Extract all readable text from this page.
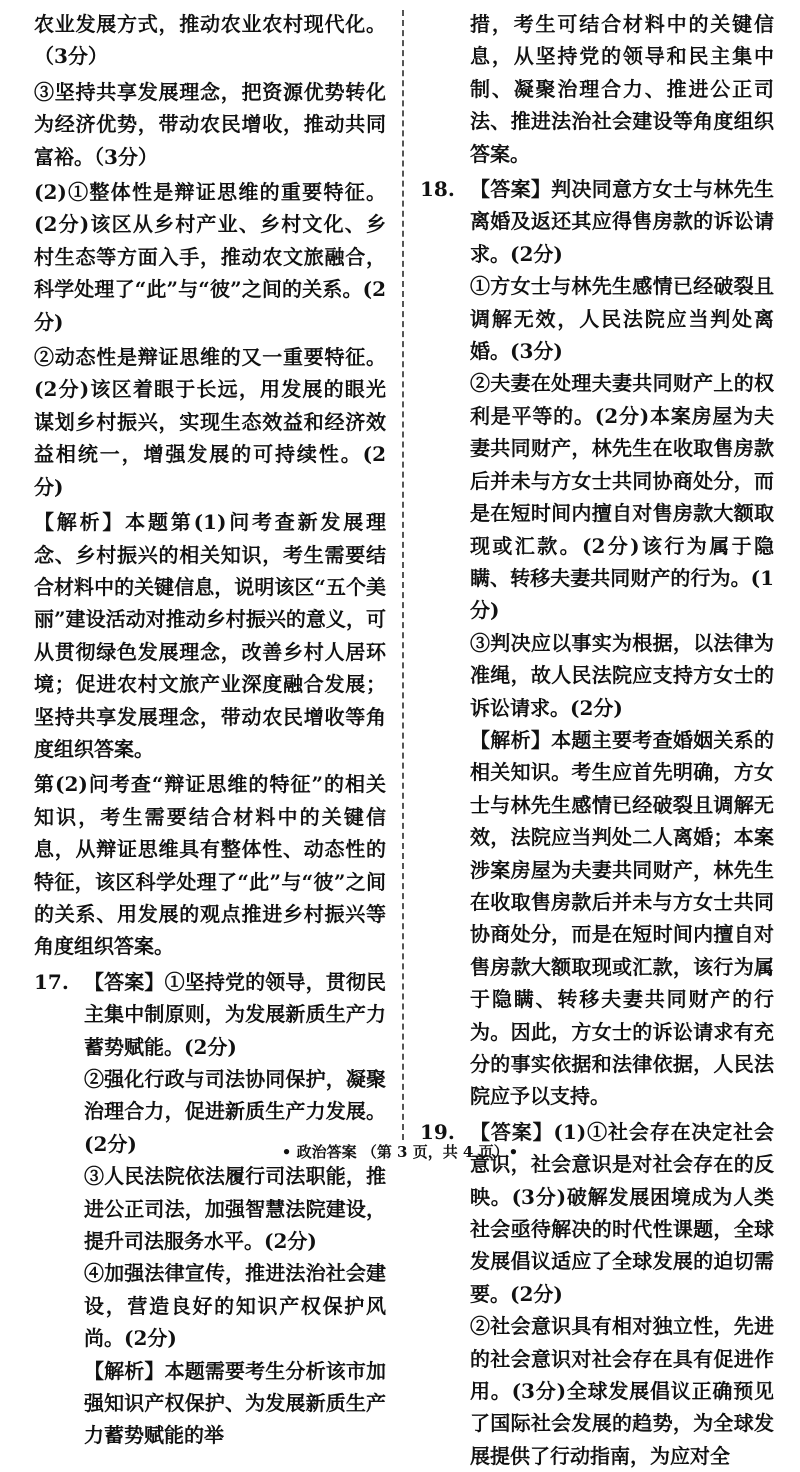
农业发展方式，推动农业农村现代化。（3分）

③坚持共享发展理念，把资源优势转化为经济优势，带动农民增收，推动共同富裕。（3分）

(2)①整体性是辩证思维的重要特征。(2分)该区从乡村产业、乡村文化、乡村生态等方面入手，推动农文旅融合，科学处理了“此”与“彼”之间的关系。(2分)

②动态性是辩证思维的又一重要特征。(2分)该区着眼于长远，用发展的眼光谋划乡村振兴，实现生态效益和经济效益相统一，增强发展的可持续性。(2分)

【解析】本题第(1)问考查新发展理念、乡村振兴的相关知识，考生需要结合材料中的关键信息，说明该区“五个美丽”建设活动对推动乡村振兴的意义，可从贯彻绿色发展理念，改善乡村人居环境；促进农村文旅产业深度融合发展；坚持共享发展理念，带动农民增收等角度组织答案。

第(2)问考查“辩证思维的特征”的相关知识，考生需要结合材料中的关键信息，从辩证思维具有整体性、动态性的特征，该区科学处理了“此”与“彼”之间的关系、用发展的观点推进乡村振兴等角度组织答案。

17. 【答案】①坚持党的领导，贯彻民主集中制原则，为发展新质生产力蓄势赋能。(2分)

②强化行政与司法协同保护，凝聚治理合力，促进新质生产力发展。(2分)

③人民法院依法履行司法职能，推进公正司法，加强智慧法院建设，提升司法服务水平。(2分)

④加强法律宣传，推进法治社会建设，营造良好的知识产权保护风尚。(2分)

【解析】本题需要考生分析该市加强知识产权保护、为发展新质生产力蓄势赋能的举

措，考生可结合材料中的关键信息，从坚持党的领导和民主集中制、凝聚治理合力、推进公正司法、推进法治社会建设等角度组织答案。

18. 【答案】判决同意方女士与林先生离婚及返还其应得售房款的诉讼请求。(2分)

①方女士与林先生感情已经破裂且调解无效，人民法院应当判处离婚。(3分)

②夫妻在处理夫妻共同财产上的权利是平等的。(2分)本案房屋为夫妻共同财产，林先生在收取售房款后并未与方女士共同协商处分，而是在短时间内擅自对售房款大额取现或汇款。(2分)该行为属于隐瞒、转移夫妻共同财产的行为。(1分)

③判决应以事实为根据，以法律为准绳，故人民法院应支持方女士的诉讼请求。(2分)

【解析】本题主要考查婚姻关系的相关知识。考生应首先明确，方女士与林先生感情已经破裂且调解无效，法院应当判处二人离婚；本案涉案房屋为夫妻共同财产，林先生在收取售房款后并未与方女士共同协商处分，而是在短时间内擅自对售房款大额取现或汇款，该行为属于隐瞒、转移夫妻共同财产的行为。因此，方女士的诉讼请求有充分的事实依据和法律依据，人民法院应予以支持。

19. 【答案】(1)①社会存在决定社会意识，社会意识是对社会存在的反映。(3分)破解发展困境成为人类社会亟待解决的时代性课题，全球发展倡议适应了全球发展的迫切需要。(2分)

②社会意识具有相对独立性，先进的社会意识对社会存在具有促进作用。(3分)全球发展倡议正确预见了国际社会发展的趋势，为全球发展提供了行动指南，为应对全

• 政治答案 （第 3 页，共 4 页）•
